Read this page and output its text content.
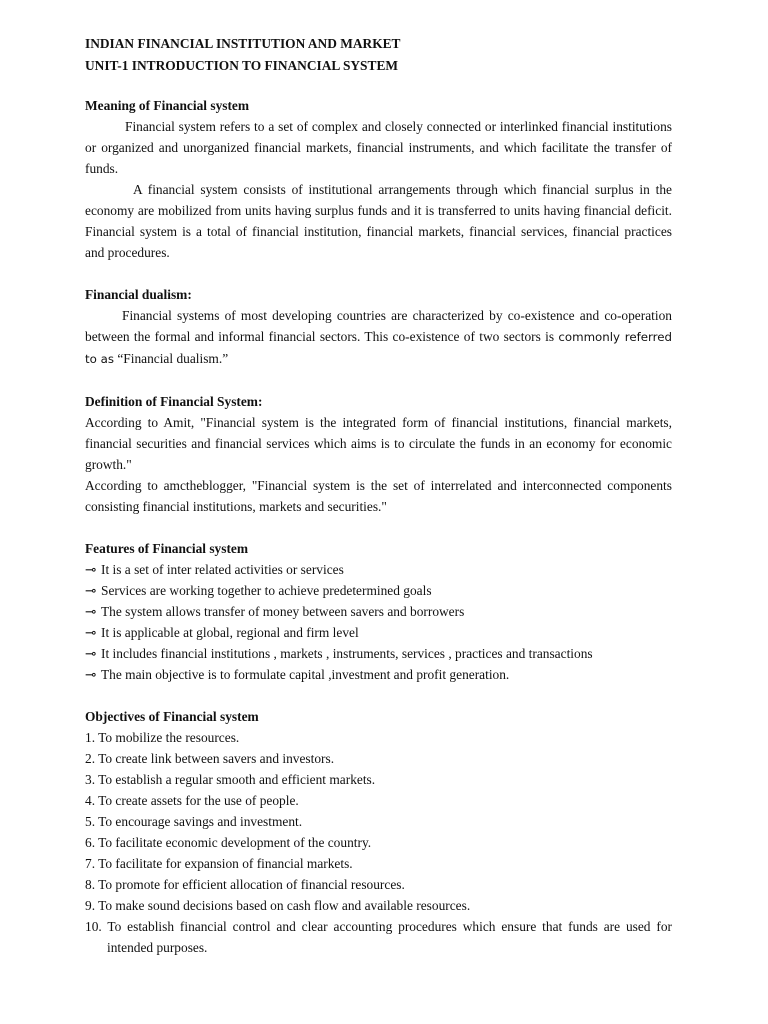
INDIAN FINANCIAL INSTITUTION AND MARKET

UNIT-1 INTRODUCTION TO FINANCIAL SYSTEM

Meaning of Financial system

Financial system refers to a set of complex and closely connected or interlinked financial institutions or organized and unorganized financial markets, financial instruments, and which facilitate the transfer of funds.

A financial system consists of institutional arrangements through which financial surplus in the economy are mobilized from units having surplus funds and it is transferred to units having financial deficit. Financial system is a total of financial institution, financial markets, financial services, financial practices and procedures.

Financial dualism:

Financial systems of most developing countries are characterized by co-existence and co-operation between the formal and informal financial sectors. This co-existence of two sectors is commonly referred to as “Financial dualism.”

Definition of Financial System:

According to Amit, "Financial system is the integrated form of financial institutions, financial markets, financial securities and financial services which aims is to circulate the funds in an economy for economic growth."

According to amctheblogger, "Financial system is the set of interrelated and interconnected components consisting financial institutions, markets and securities."

Features of Financial system

⊸ It is a set of inter related activities or services

⊸ Services are working together to achieve predetermined goals

⊸ The system allows transfer of money between savers and borrowers

⊸ It is applicable at global, regional and firm level

⊸ It includes financial institutions , markets , instruments, services , practices and transactions

⊸ The main objective is to formulate capital ,investment and profit generation.

Objectives of Financial system

1. To mobilize the resources.

2. To create link between savers and investors.

3. To establish a regular smooth and efficient markets.

4. To create assets for the use of people.

5. To encourage savings and investment.

6. To facilitate economic development of the country.

7. To facilitate for expansion of financial markets.

8. To promote for efficient allocation of financial resources.

9. To make sound decisions based on cash flow and available resources.

10. To establish financial control and clear accounting procedures which ensure that funds are used for intended purposes.
